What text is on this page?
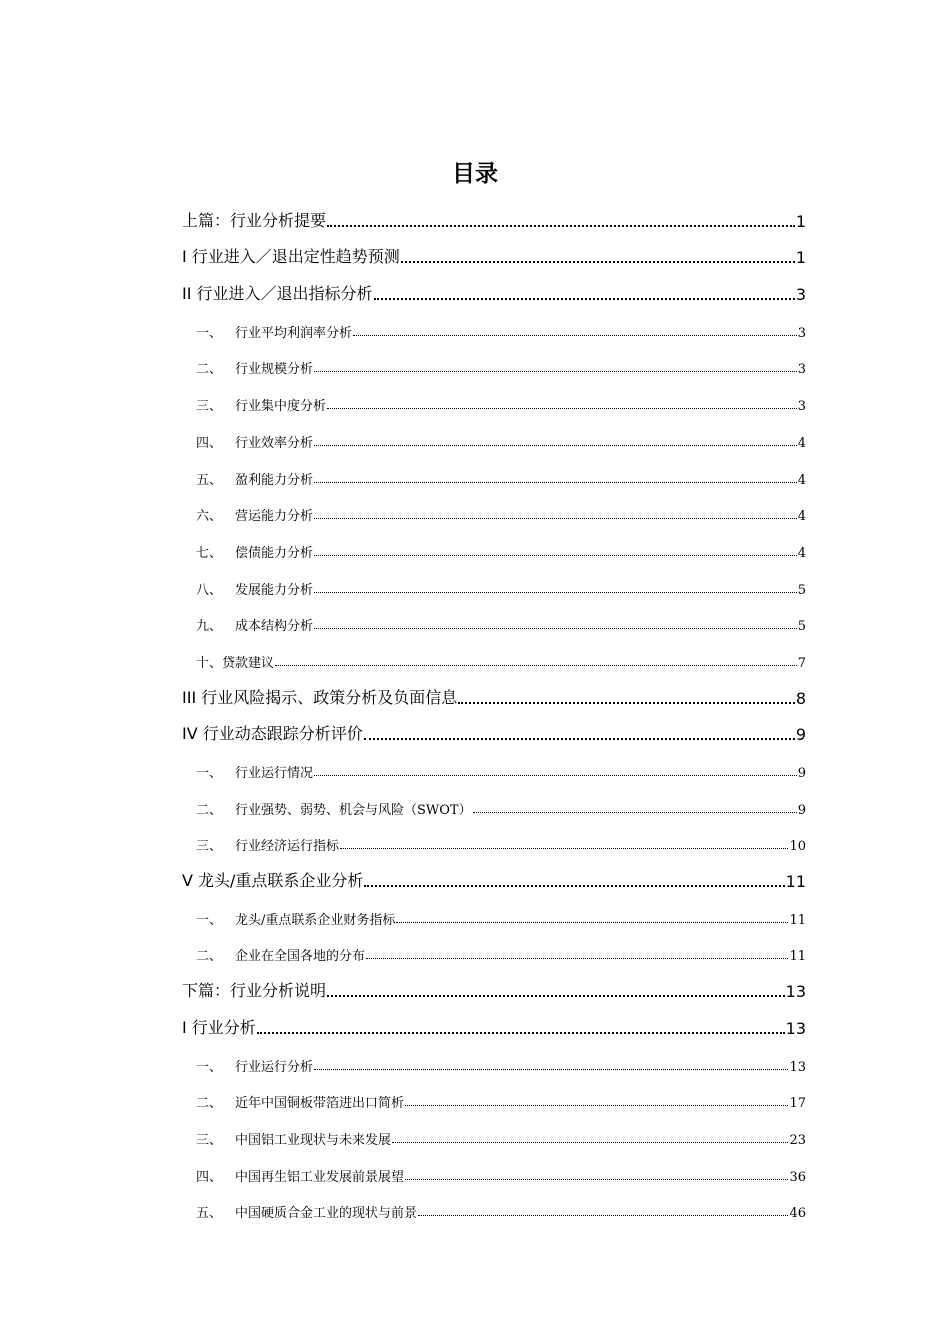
目录
上篇：行业分析提要	1
I 行业进入／退出定性趋势预测	1
II 行业进入／退出指标分析	3
一、 行业平均利润率分析	3
二、 行业规模分析	3
三、 行业集中度分析	3
四、 行业效率分析	4
五、 盈利能力分析	4
六、 营运能力分析	4
七、 偿债能力分析	4
八、 发展能力分析	5
九、 成本结构分析	5
十、 贷款建议	7
III 行业风险揭示、政策分析及负面信息	8
IV 行业动态跟踪分析评价	9
一、 行业运行情况	9
二、 行业强势、弱势、机会与风险（SWOT）	9
三、 行业经济运行指标	10
V 龙头/重点联系企业分析	11
一、 龙头/重点联系企业财务指标	11
二、 企业在全国各地的分布	11
下篇：行业分析说明	13
I 行业分析	13
一、 行业运行分析	13
二、 近年中国铜板带箔进出口简析	17
三、 中国铝工业现状与未来发展	23
四、 中国再生铝工业发展前景展望	36
五、 中国硬质合金工业的现状与前景	46
